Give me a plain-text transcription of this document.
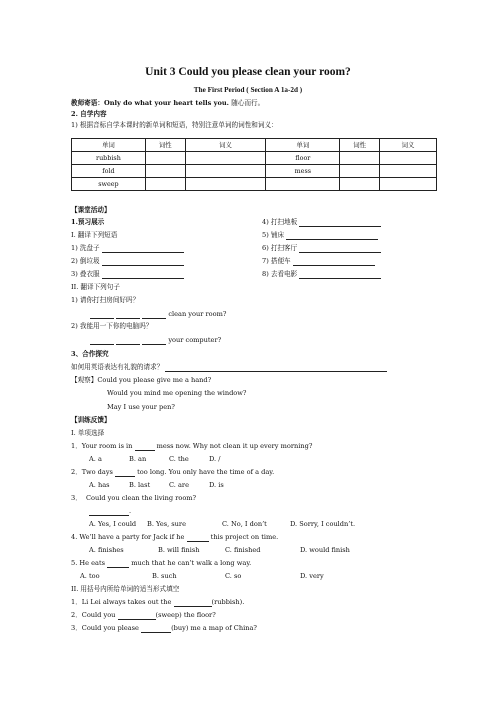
Unit 3 Could you please clean your room?
The First Period ( Section A 1a-2d )
教师寄语：Only do what your heart tells you. 随心而行。
2. 自学内容
1) 根据音标自学本课时的新单词和短语，特别注意单词的词性和词义：
单词	词性	词义	单词	词性	词义
rubbish			floor		
fold			mess		
sweep					
【课堂活动】
1.预习展示
I. 翻译下列短语
1) 洗盘子
2) 倒垃圾
3) 叠衣服
4) 打扫地板
5) 铺床
6) 打扫客厅
7) 搭便车
8) 去看电影
II. 翻译下列句子
1) 请你打扫房间好吗？
clean your room?
2) 我能用一下你的电脑吗？
your computer?
3、合作探究
如何用英语表达有礼貌的请求？
【观察】Could you please give me a hand?
Would you mind me opening the window?
May I use your pen?
【训练反馈】
I. 单项选择
1．Your room is in	mess now. Why not clean it up every morning?
A. a	B. an	C. the	D. /
2．Two days	too long. You only have the time of a day.
A. has	B. last	C. are	D. is
3． Could you clean the living room?
.
A. Yes, I could B. Yes, sure	C. No, I don’t	D. Sorry, I couldn’t.
4. We’ll have a party for Jack if he	this project on time.
A. finishes	B. will finish	C. finished	D. would finish
5. He eats	much that he can’t walk a long way.
A. too	B. such	C. so	D. very
II. 用括号内所给单词的适当形式填空
1．Li Lei always takes out the	(rubbish).
2．Could you	(sweep) the floor?
3．Could you please	(buy) me a map of China?
